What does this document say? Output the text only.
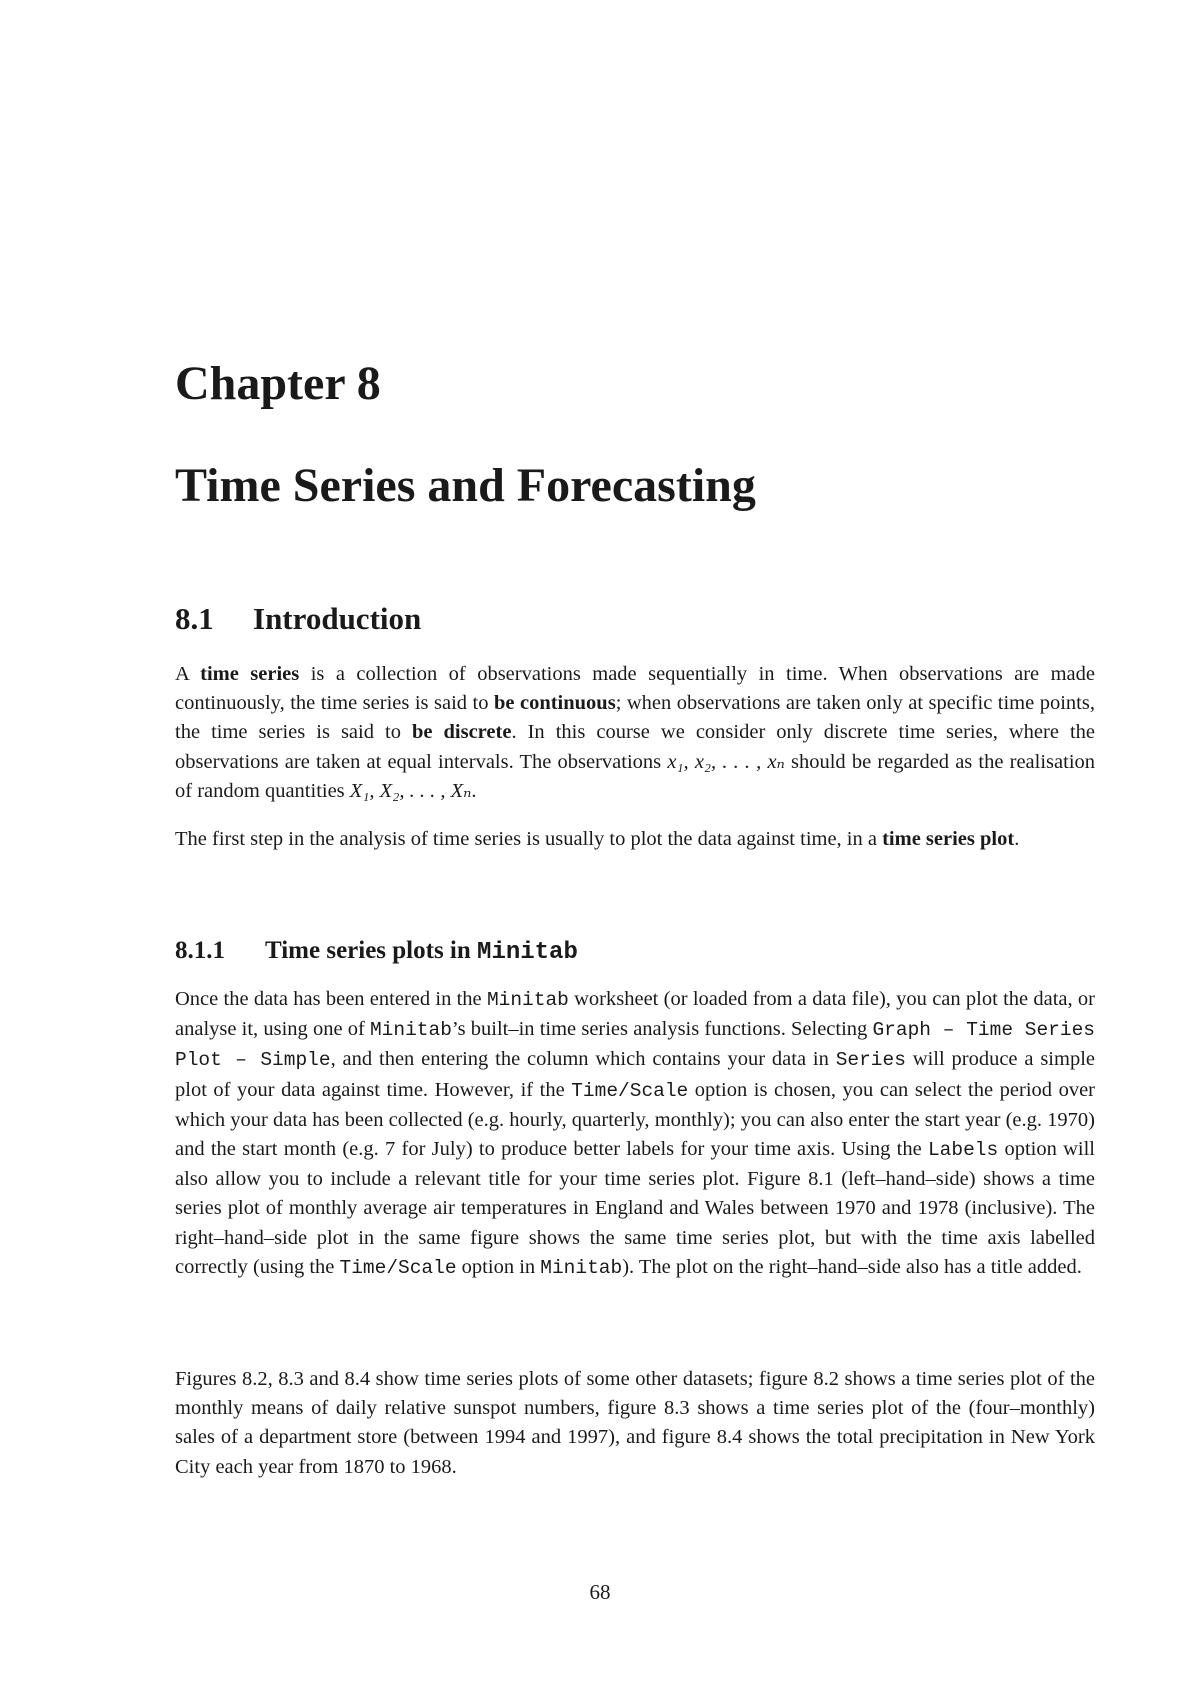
Chapter 8
Time Series and Forecasting
8.1 Introduction

A time series is a collection of observations made sequentially in time. When observations are made continuously, the time series is said to be continuous; when observations are taken only at specific time points, the time series is said to be discrete. In this course we consider only discrete time series, where the observations are taken at equal intervals. The observations x₁, x₂, . . . , xₙ should be regarded as the realisation of random quantities X₁, X₂, . . . , Xₙ.

The first step in the analysis of time series is usually to plot the data against time, in a time series plot.

8.1.1 Time series plots in Minitab

Once the data has been entered in the Minitab worksheet (or loaded from a data file), you can plot the data, or analyse it, using one of Minitab’s built–in time series analysis functions. Selecting Graph – Time Series Plot – Simple, and then entering the column which contains your data in Series will produce a simple plot of your data against time. However, if the Time/Scale option is chosen, you can select the period over which your data has been collected (e.g. hourly, quarterly, monthly); you can also enter the start year (e.g. 1970) and the start month (e.g. 7 for July) to produce better labels for your time axis. Using the Labels option will also allow you to include a relevant title for your time series plot. Figure 8.1 (left–hand–side) shows a time series plot of monthly average air temperatures in England and Wales between 1970 and 1978 (inclusive). The right–hand–side plot in the same figure shows the same time series plot, but with the time axis labelled correctly (using the Time/Scale option in Minitab). The plot on the right–hand–side also has a title added.

Figures 8.2, 8.3 and 8.4 show time series plots of some other datasets; figure 8.2 shows a time series plot of the monthly means of daily relative sunspot numbers, figure 8.3 shows a time series plot of the (four–monthly) sales of a department store (between 1994 and 1997), and figure 8.4 shows the total precipitation in New York City each year from 1870 to 1968.

68
